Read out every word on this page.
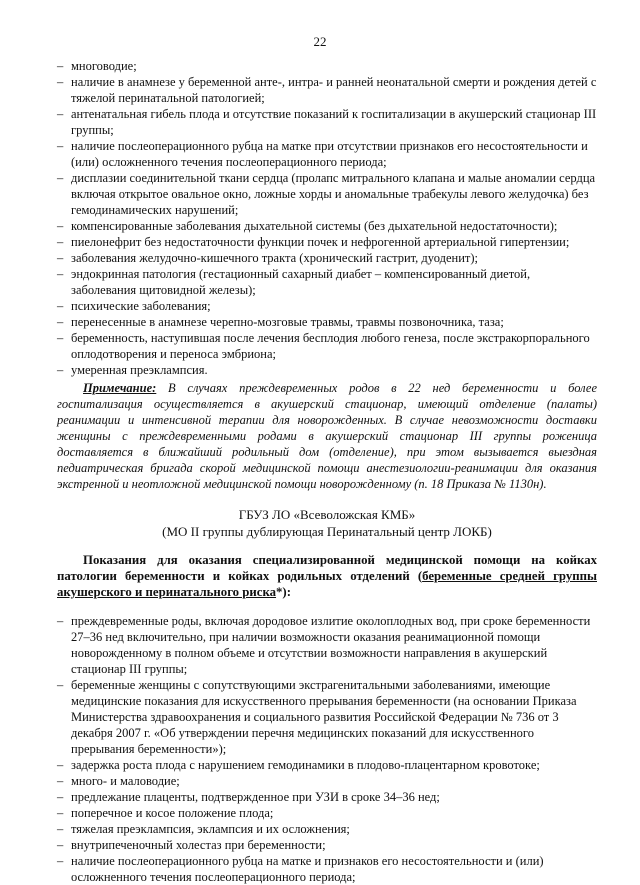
22
– многоводие;
– наличие в анамнезе у беременной анте-, интра- и ранней неонатальной смерти и рождения детей с тяжелой перинатальной патологией;
– антенатальная гибель плода и отсутствие показаний к госпитализации в акушерский стационар III группы;
– наличие послеоперационного рубца на матке при отсутствии признаков его несостоятельности и (или) осложненного течения послеоперационного периода;
– дисплазии соединительной ткани сердца (пролапс митрального клапана и малые аномалии сердца включая открытое овальное окно, ложные хорды и аномальные трабекулы левого желудочка) без гемодинамических нарушений;
– компенсированные заболевания дыхательной системы (без дыхательной недостаточности);
– пиелонефрит без недостаточности функции почек и нефрогенной артериальной гипертензии;
– заболевания желудочно-кишечного тракта (хронический гастрит, дуоденит);
– эндокринная патология (гестационный сахарный диабет – компенсированный диетой, заболевания щитовидной железы);
– психические заболевания;
– перенесенные в анамнезе черепно-мозговые травмы, травмы позвоночника, таза;
– беременность, наступившая после лечения бесплодия любого генеза, после экстракорпорального оплодотворения и переноса эмбриона;
– умеренная преэклампсия.

Примечание: В случаях преждевременных родов в 22 нед беременности и более госпитализация осуществляется в акушерский стационар, имеющий отделение (палаты) реанимации и интенсивной терапии для новорожденных. В случае невозможности доставки женщины с преждевременными родами в акушерский стационар III группы роженица доставляется в ближайший родильный дом (отделение), при этом вызывается выездная педиатрическая бригада скорой медицинской помощи анестезиологии-реанимации для оказания экстренной и неотложной медицинской помощи новорожденному (п. 18 Приказа № 1130н).

ГБУЗ ЛО «Всеволожская КМБ»
(МО II группы дублирующая Перинатальный центр ЛОКБ)

Показания для оказания специализированной медицинской помощи на койках патологии беременности и койках родильных отделений (беременные средней группы акушерского и перинатального риска*):

– преждевременные роды, включая дородовое излитие околоплодных вод, при сроке беременности 27–36 нед включительно, при наличии возможности оказания реанимационной помощи новорожденному в полном объеме и отсутствии возможности направления в акушерский стационар III группы;
– беременные женщины с сопутствующими экстрагенитальными заболеваниями, имеющие медицинские показания для искусственного прерывания беременности (на основании Приказа Министерства здравоохранения и социального развития Российской Федерации № 736 от 3 декабря 2007 г. «Об утверждении перечня медицинских показаний для искусственного прерывания беременности»);
– задержка роста плода с нарушением гемодинамики в плодово-плацентарном кровотоке;
– много- и маловодие;
– предлежание плаценты, подтвержденное при УЗИ в сроке 34–36 нед;
– поперечное и косое положение плода;
– тяжелая преэклампсия, эклампсия и их осложнения;
– внутрипеченочный холестаз при беременности;
– наличие послеоперационного рубца на матке и признаков его несостоятельности и (или) осложненного течения послеоперационного периода;
